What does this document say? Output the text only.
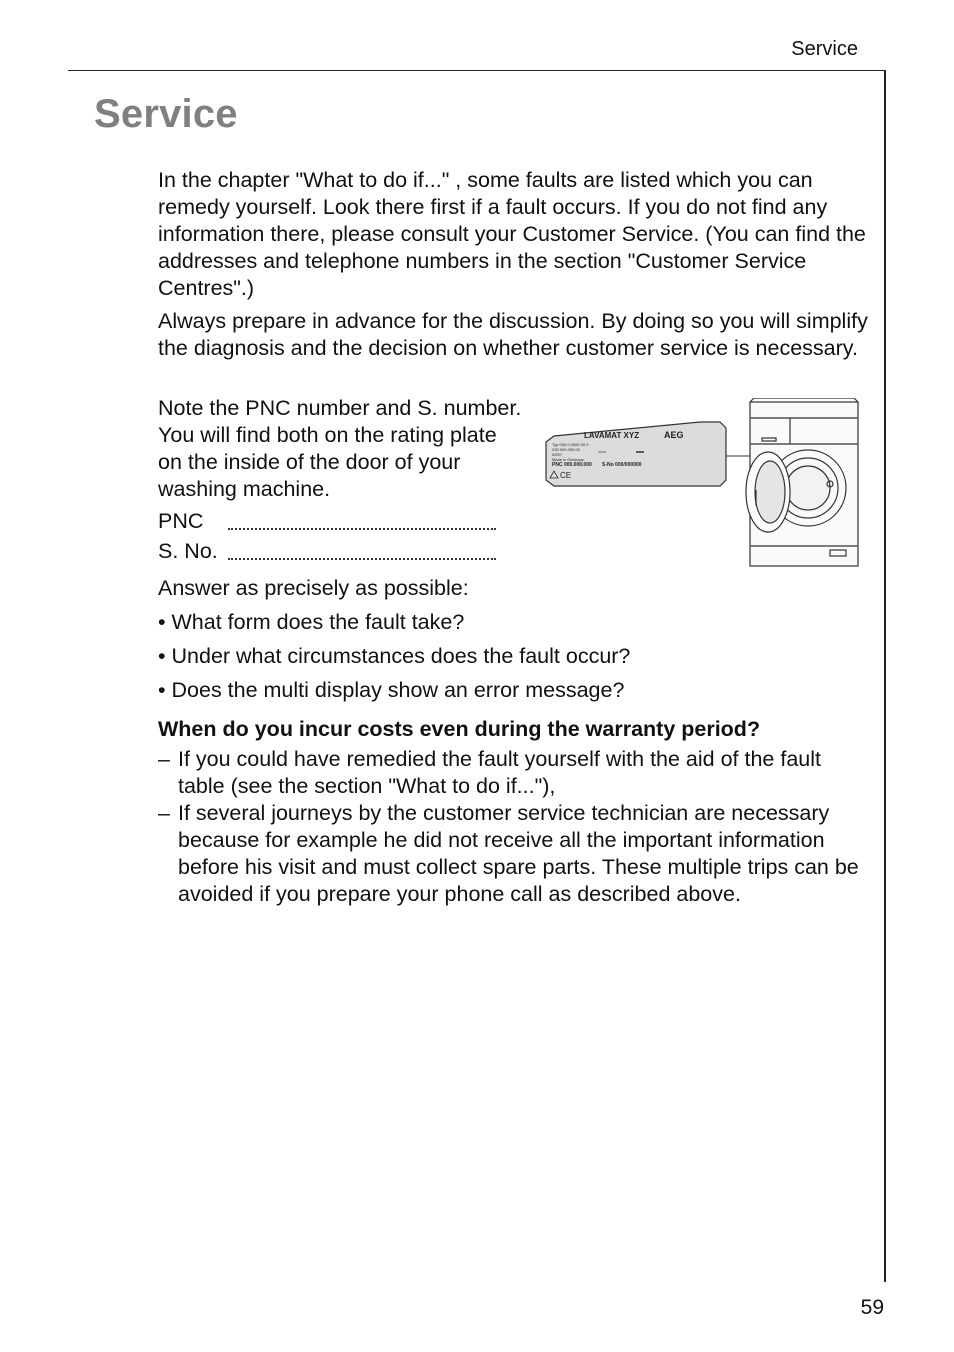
Service
Service

In the chapter "What to do if..." , some faults are listed which you can remedy yourself. Look there first if a fault occurs. If you do not find any information there, please consult your Customer Service. (You can find the addresses and telephone numbers in the section "Customer Service Centres".)

Always prepare in advance for the discussion. By doing so you will simplify the diagnosis and the decision on whether customer service is necessary.

Note the PNC number and S. number. You will find both on the rating plate on the inside of the door of your washing machine.

PNC
S. No.
Answer as precisely as possible:
• What form does the fault take?
• Under what circumstances does the fault occur?
• Does the multi display show an error message?
When do you incur costs even during the warranty period?
– If you could have remedied the fault yourself with the aid of the fault table (see the section "What to do if..."),
– If several journeys by the customer service technician are necessary because for example he did not receive all the important information before his visit and must collect spare parts. These multiple trips can be avoided if you prepare your phone call as described above.
LAVAMAT XYZ	AEG
Typ 000 0 0000 00 0
230 000 000 00
00/57
Made in Germany
PNC 000.000.000 S-No 000/000000
CE
59
